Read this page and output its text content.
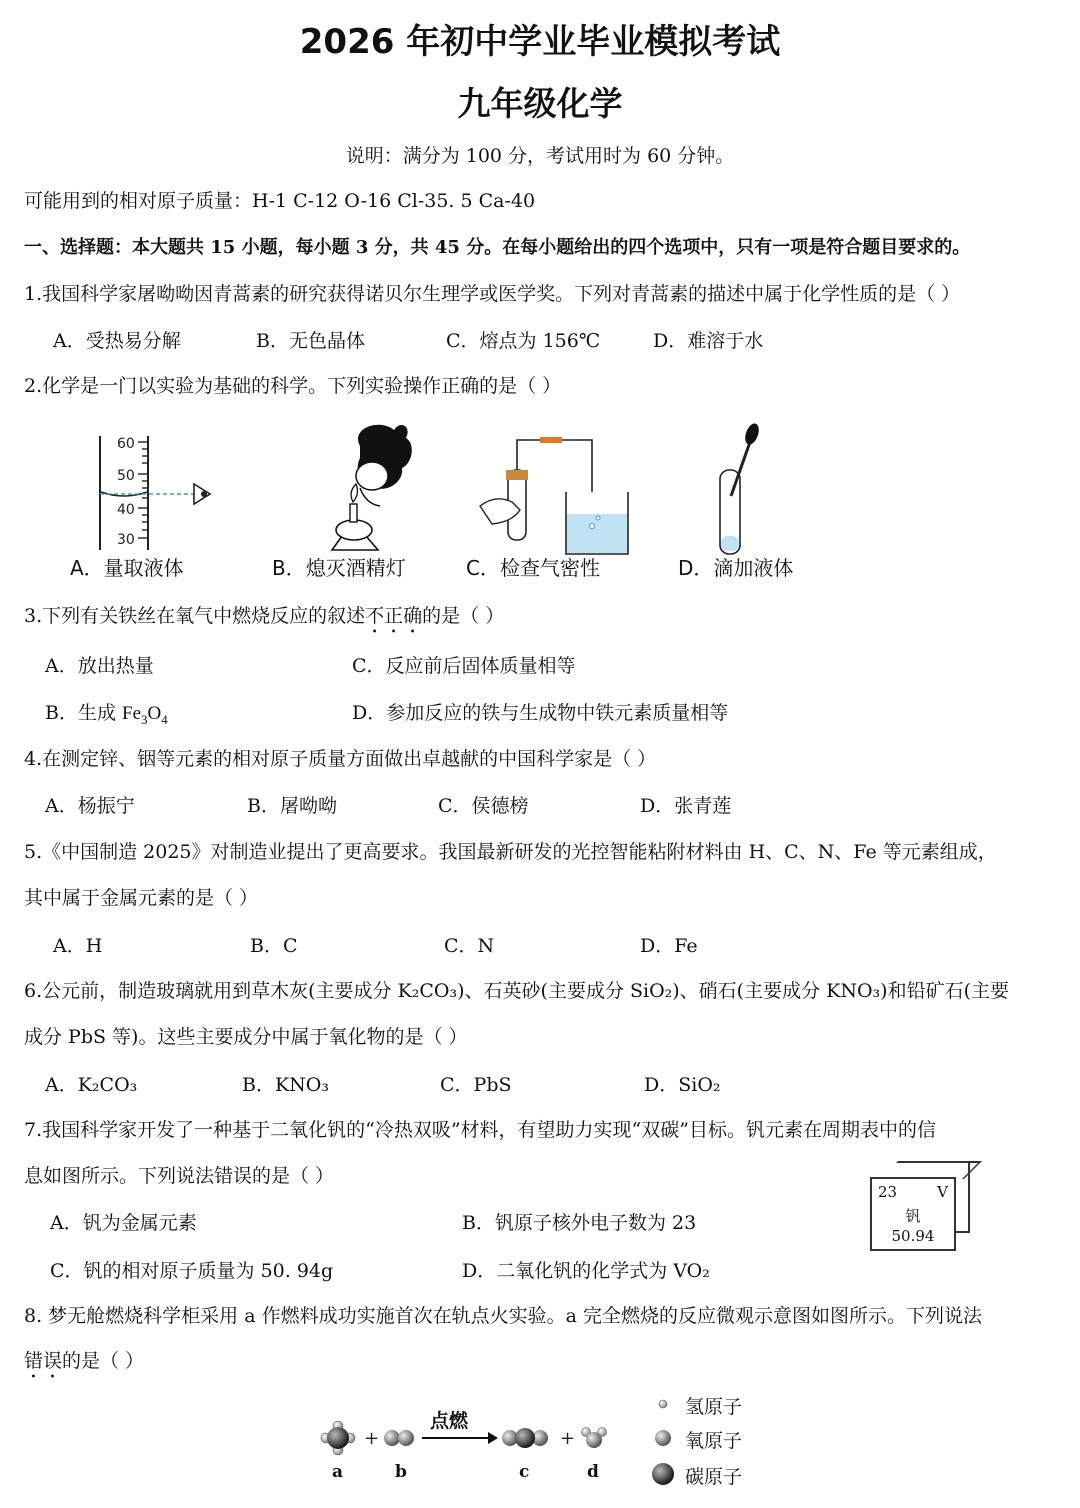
2026 年初中学业毕业模拟考试
九年级化学
说明：满分为 100 分，考试用时为 60 分钟。
可能用到的相对原子质量：H-1 C-12 O-16 Cl-35. 5 Ca-40
一、选择题：本大题共 15 小题，每小题 3 分，共 45 分。在每小题给出的四个选项中，只有一项是符合题目要求的。
1.我国科学家屠呦呦因青蒿素的研究获得诺贝尔生理学或医学奖。下列对青蒿素的描述中属于化学性质的是（ ）
A．受热易分解	B．无色晶体	C．熔点为 156℃	D．难溶于水
2.化学是一门以实验为基础的科学。下列实验操作正确的是（ ）
60
50
40
30
A．量取液体	B．熄灭酒精灯	C．检查气密性	D．滴加液体
3.下列有关铁丝在氧气中燃烧反应的叙述不正确的是（ ）
A．放出热量	C．反应前后固体质量相等
B．生成 $Fe_3O_4$	D．参加反应的铁与生成物中铁元素质量相等
4.在测定锌、铟等元素的相对原子质量方面做出卓越献的中国科学家是（ ）
A．杨振宁	B．屠呦呦	C．侯德榜	D．张青莲
5.《中国制造 2025》对制造业提出了更高要求。我国最新研发的光控智能粘附材料由 H、C、N、Fe 等元素组成，
其中属于金属元素的是（ ）
A．H	B．C	C．N	D．Fe
6.公元前，制造玻璃就用到草木灰(主要成分 K₂CO₃)、石英砂(主要成分 SiO₂)、硝石(主要成分 KNO₃)和铅矿石(主要
成分 PbS 等)。这些主要成分中属于氧化物的是（ ）
A．K₂CO₃	B．KNO₃	C．PbS	D．SiO₂
7.我国科学家开发了一种基于二氧化钒的“冷热双吸”材料，有望助力实现“双碳”目标。钒元素在周期表中的信
息如图所示。下列说法错误的是（ ）
A．钒为金属元素	B．钒原子核外电子数为 23
C．钒的相对原子质量为 50. 94g	D．二氧化钒的化学式为 VO₂
23	V
钒
50.94
8. 梦无舱燃烧科学柜采用 a 作燃料成功实施首次在轨点火实验。a 完全燃烧的反应微观示意图如图所示。下列说法
错误的是（ ）
+	+
点燃
a	b	c	d
氢原子
氧原子
碳原子
